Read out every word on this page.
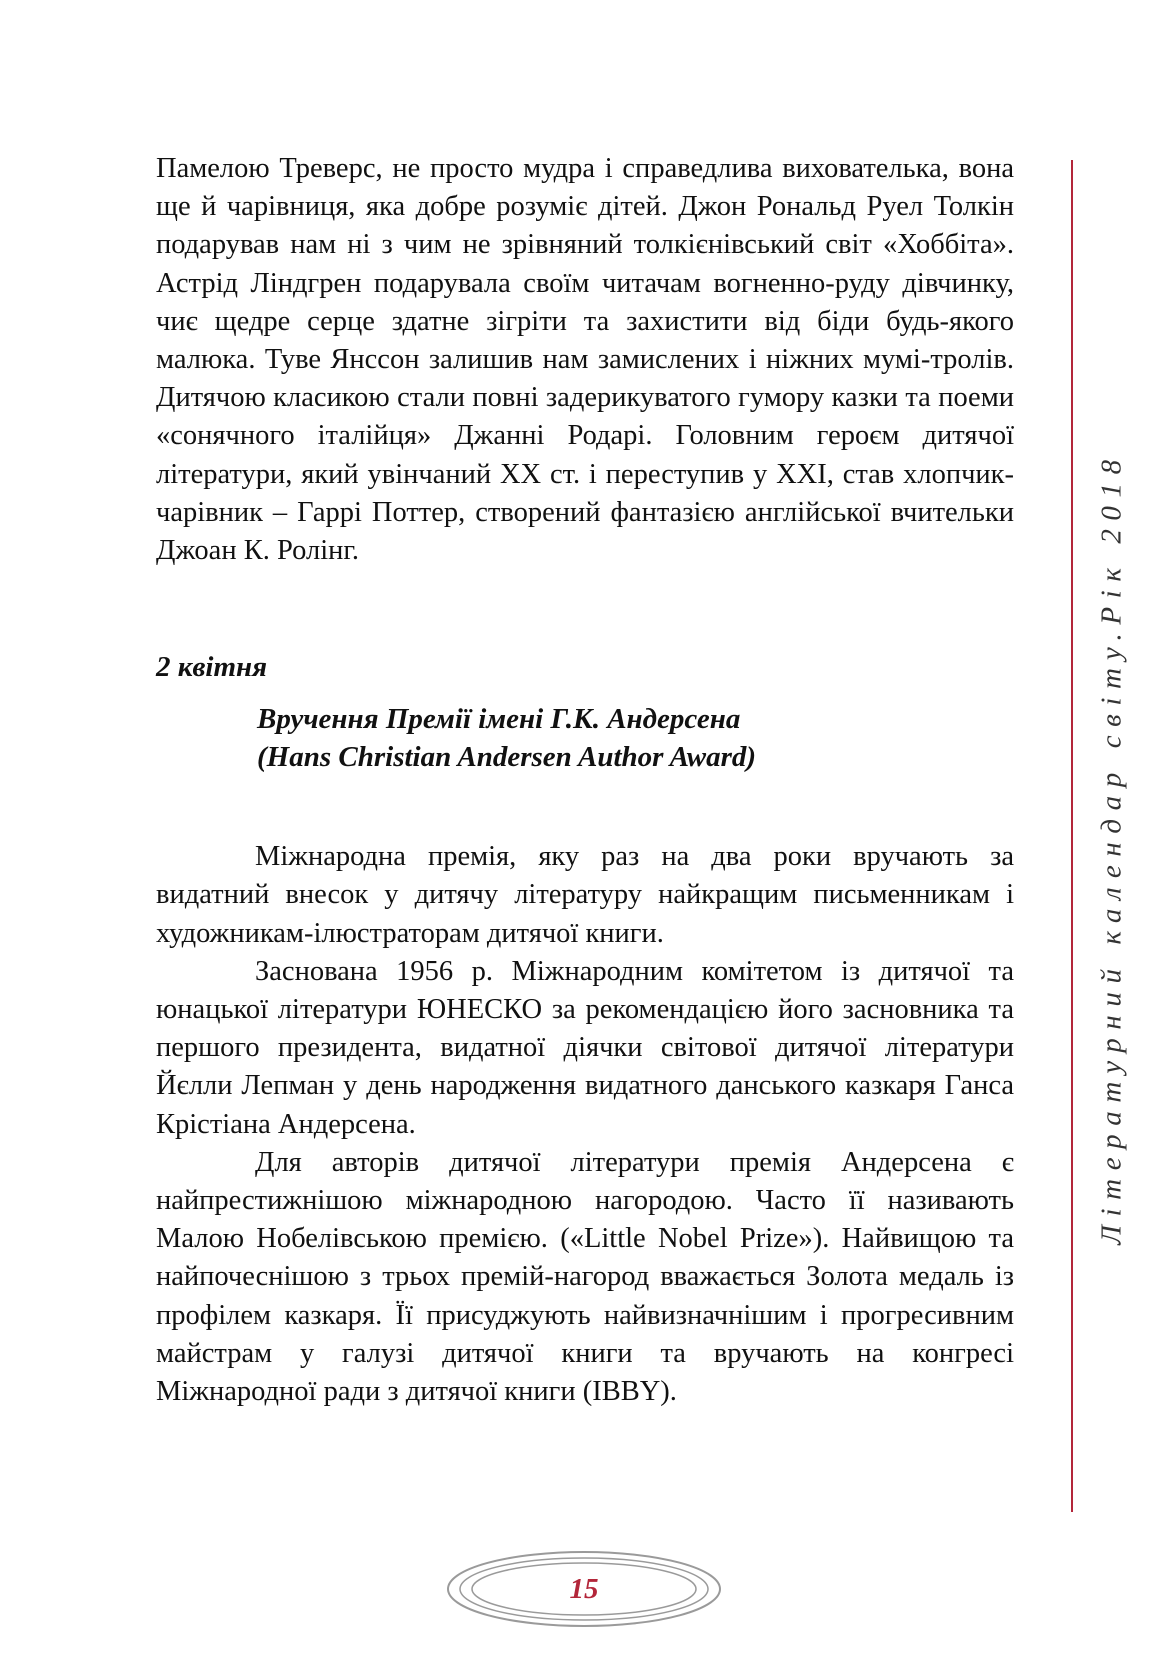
Памелою Треверс, не просто мудра і справедлива вихователька, вона ще й чарівниця, яка добре розуміє дітей. Джон Рональд Руел Толкін подарував нам ні з чим не зрівняний толкієнівський світ «Хоббіта». Астрід Ліндгрен подарувала своїм читачам вогненно-руду дівчинку, чиє щедре серце здатне зігріти та захистити від біди будь-якого малюка. Туве Янссон залишив нам замислених і ніжних мумі-тролів. Дитячою класикою стали повні задерикуватого гумору казки та поеми «сонячного італійця» Джанні Родарі. Головним героєм дитячої літератури, який увінчаний XX ст. і переступив у XXI, став хлопчик-чарівник – Гаррі Поттер, створений фантазією англійської вчительки Джоан К. Ролінг.

2 квітня
Вручення Премії імені Г.К. Андерсена
(Hans Christian Andersen Author Award)

Міжнародна премія, яку раз на два роки вручають за видатний внесок у дитячу літературу найкращим письменникам і художникам-ілюстраторам дитячої книги.

Заснована 1956 р. Міжнародним комітетом із дитячої та юнацької літератури ЮНЕСКО за рекомендацією його засновника та першого президента, видатної діячки світової дитячої літератури Йєлли Лепман у день народження видатного данського казкаря Ганса Крістіана Андерсена.

Для авторів дитячої літератури премія Андерсена є найпрестижнішою міжнародною нагородою. Часто її називають Малою Нобелівською премією. («Little Nobel Prize»). Найвищою та найпочеснішою з трьох премій-нагород вважається Золота медаль із профілем казкаря. Її присуджують найвизначнішим і прогресивним майстрам у галузі дитячої книги та вручають на конгресі Міжнародної ради з дитячої книги (IBBY).

Літературний календар світу.Рік 2018
15
